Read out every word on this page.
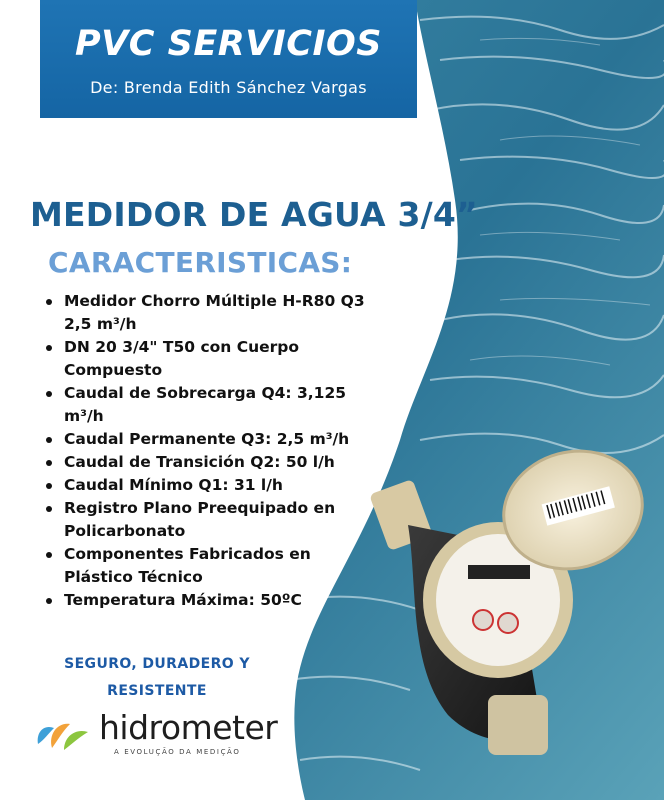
PVC SERVICIOS
De: Brenda Edith Sánchez Vargas
MEDIDOR DE AGUA 3/4”
CARACTERISTICAS:
Medidor Chorro Múltiple H-R80 Q3 2,5 m³/h
DN 20 3/4" T50 con Cuerpo Compuesto
Caudal de Sobrecarga Q4: 3,125 m³/h
Caudal Permanente Q3: 2,5 m³/h
Caudal de Transición Q2: 50 l/h
Caudal Mínimo Q1: 31 l/h
Registro Plano Preequipado en Policarbonato
Componentes Fabricados en Plástico Técnico
Temperatura Máxima: 50ºC
SEGURO, DURADERO Y
RESISTENTE
hidrometer
A EVOLUÇÃO DA MEDIÇÃO
